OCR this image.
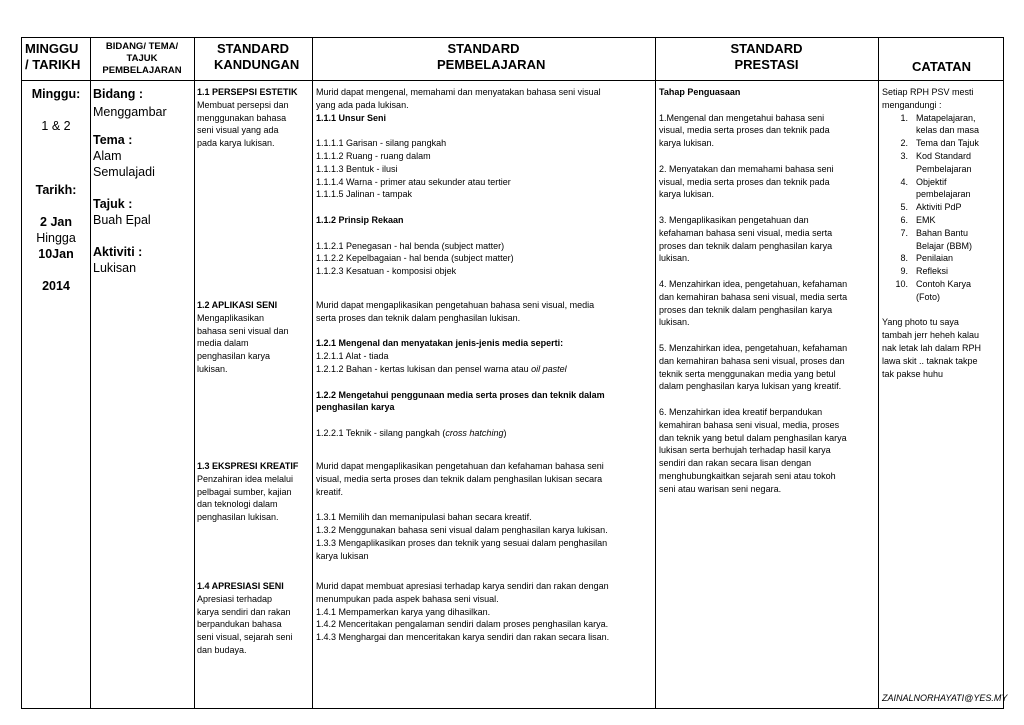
MINGGU / TARIKH
BIDANG/ TEMA/ TAJUK PEMBELAJARAN
STANDARD KANDUNGAN
STANDARD PEMBELAJARAN
STANDARD PRESTASI	CATATAN
Minggu:
1 & 2
Tarikh:
2 Jan
Hingga
10Jan
2014
Bidang :
Menggambar
Tema :
Alam
Semulajadi
Tajuk :
Buah Epal
Aktiviti :
Lukisan
1.1 PERSEPSI ESTETIK
Membuat persepsi dan
menggunakan bahasa
seni visual yang ada
pada karya lukisan.
1.2 APLIKASI SENI
Mengaplikasikan
bahasa seni visual dan
media dalam
penghasilan karya
lukisan.
1.3 EKSPRESI KREATIF
Penzahiran idea melalui
pelbagai sumber, kajian
dan teknologi dalam
penghasilan lukisan.
1.4 APRESIASI SENI
Apresiasi terhadap
karya sendiri dan rakan
berpandukan bahasa
seni visual, sejarah seni
dan budaya.
Murid dapat mengenal, memahami dan menyatakan bahasa seni visual
yang ada pada lukisan.
1.1.1 Unsur Seni
1.1.1.1 Garisan - silang pangkah
1.1.1.2 Ruang - ruang dalam
1.1.1.3 Bentuk - ilusi
1.1.1.4 Warna - primer atau sekunder atau tertier
1.1.1.5 Jalinan - tampak
1.1.2 Prinsip Rekaan
1.1.2.1 Penegasan - hal benda (subject matter)
1.1.2.2 Kepelbagaian - hal benda (subject matter)
1.1.2.3 Kesatuan - komposisi objek
Murid dapat mengaplikasikan pengetahuan bahasa seni visual, media
serta proses dan teknik dalam penghasilan lukisan.
1.2.1 Mengenal dan menyatakan jenis-jenis media seperti:
1.2.1.1 Alat - tiada
1.2.1.2 Bahan - kertas lukisan dan pensel warna atau oil pastel
1.2.2 Mengetahui penggunaan media serta proses dan teknik dalam
penghasilan karya
1.2.2.1 Teknik - silang pangkah (cross hatching)
Murid dapat mengaplikasikan pengetahuan dan kefahaman bahasa seni
visual, media serta proses dan teknik dalam penghasilan lukisan secara
kreatif.
1.3.1 Memilih dan memanipulasi bahan secara kreatif.
1.3.2 Menggunakan bahasa seni visual dalam penghasilan karya lukisan.
1.3.3 Mengaplikasikan proses dan teknik yang sesuai dalam penghasilan
karya lukisan
Murid dapat membuat apresiasi terhadap karya sendiri dan rakan dengan
menumpukan pada aspek bahasa seni visual.
1.4.1 Mempamerkan karya yang dihasilkan.
1.4.2 Menceritakan pengalaman sendiri dalam proses penghasilan karya.
1.4.3 Menghargai dan menceritakan karya sendiri dan rakan secara lisan.
Tahap Penguasaan
1.Mengenal dan mengetahui bahasa seni
visual, media serta proses dan teknik pada
karya lukisan.
2. Menyatakan dan memahami bahasa seni
visual, media serta proses dan teknik pada
karya lukisan.
3. Mengaplikasikan pengetahuan dan
kefahaman bahasa seni visual, media serta
proses dan teknik dalam penghasilan karya
lukisan.
4. Menzahirkan idea, pengetahuan, kefahaman
dan kemahiran bahasa seni visual, media serta
proses dan teknik dalam penghasilan karya
lukisan.
5. Menzahirkan idea, pengetahuan, kefahaman
dan kemahiran bahasa seni visual, proses dan
teknik serta menggunakan media yang betul
dalam penghasilan karya lukisan yang kreatif.
6. Menzahirkan idea kreatif berpandukan
kemahiran bahasa seni visual, media, proses
dan teknik yang betul dalam penghasilan karya
lukisan serta berhujah terhadap hasil karya
sendiri dan rakan secara lisan dengan
menghubungkaitkan sejarah seni atau tokoh
seni atau warisan seni negara.
Setiap RPH PSV mesti
mengandungi :
1. Matapelajaran,
kelas dan masa
2. Tema dan Tajuk
3. Kod Standard
Pembelajaran
4. Objektif
pembelajaran
5. Aktiviti PdP
6. EMK
7. Bahan Bantu
Belajar (BBM)
8. Penilaian
9. Refleksi
10. Contoh Karya
(Foto)
Yang photo tu saya
tambah jerr heheh kalau
nak letak lah dalam RPH
lawa skit .. taknak takpe
tak pakse huhu
ZAINALNORHAYATI@YES.MY
